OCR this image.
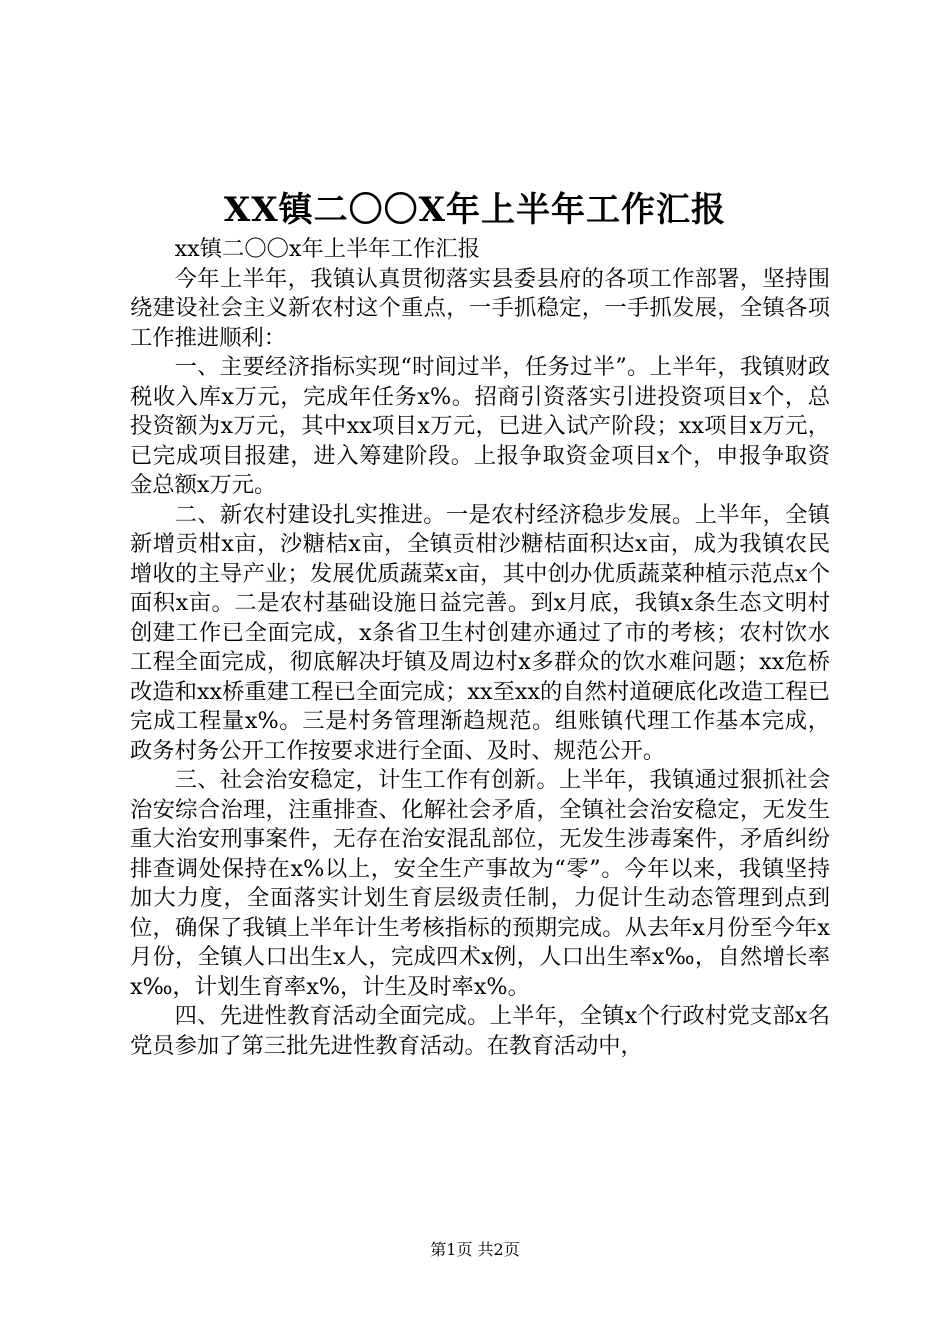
XX镇二〇〇X年上半年工作汇报

xx镇二〇〇x年上半年工作汇报

今年上半年，我镇认真贯彻落实县委县府的各项工作部署，坚持围绕建设社会主义新农村这个重点，一手抓稳定，一手抓发展，全镇各项工作推进顺利：

一、主要经济指标实现“时间过半，任务过半”。上半年，我镇财政税收入库x万元，完成年任务x%。招商引资落实引进投资项目x个，总投资额为x万元，其中xx项目x万元，已进入试产阶段；xx项目x万元，已完成项目报建，进入筹建阶段。上报争取资金项目x个，申报争取资金总额x万元。

二、新农村建设扎实推进。一是农村经济稳步发展。上半年，全镇新增贡柑x亩，沙糖桔x亩，全镇贡柑沙糖桔面积达x亩，成为我镇农民增收的主导产业；发展优质蔬菜x亩，其中创办优质蔬菜种植示范点x个面积x亩。二是农村基础设施日益完善。到x月底，我镇x条生态文明村创建工作已全面完成，x条省卫生村创建亦通过了市的考核；农村饮水工程全面完成，彻底解决圩镇及周边村x多群众的饮水难问题；xx危桥改造和xx桥重建工程已全面完成；xx至xx的自然村道硬底化改造工程已完成工程量x%。三是村务管理渐趋规范。组账镇代理工作基本完成，政务村务公开工作按要求进行全面、及时、规范公开。

三、社会治安稳定，计生工作有创新。上半年，我镇通过狠抓社会治安综合治理，注重排查、化解社会矛盾，全镇社会治安稳定，无发生重大治安刑事案件，无存在治安混乱部位，无发生涉毒案件，矛盾纠纷排查调处保持在x%以上，安全生产事故为“零”。今年以来，我镇坚持加大力度，全面落实计划生育层级责任制，力促计生动态管理到点到位，确保了我镇上半年计生考核指标的预期完成。从去年x月份至今年x月份，全镇人口出生x人，完成四术x例，人口出生率x‰，自然增长率x‰，计划生育率x%，计生及时率x%。

四、先进性教育活动全面完成。上半年，全镇x个行政村党支部x名党员参加了第三批先进性教育活动。在教育活动中，

第1页 共2页
